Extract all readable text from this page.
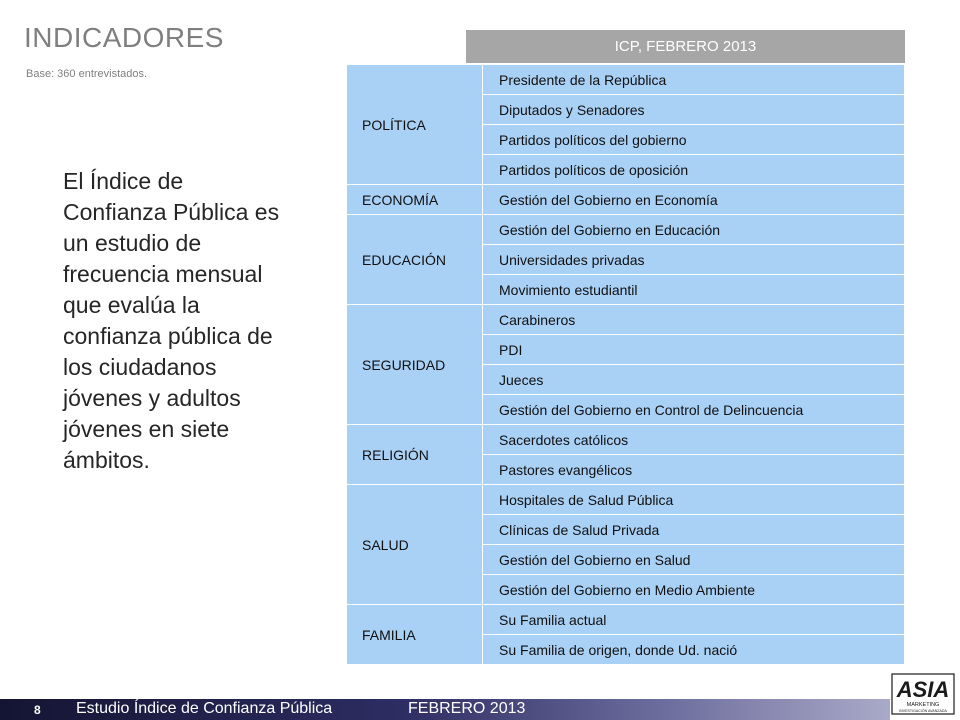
INDICADORES
Base: 360 entrevistados.
El Índice de Confianza Pública es un estudio de frecuencia mensual que evalúa la confianza pública de los ciudadanos jóvenes y adultos jóvenes en siete ámbitos.
ICP, FEBRERO 2013
POLÍTICA	Presidente de la República
	Diputados y Senadores
	Partidos políticos del gobierno
	Partidos políticos de oposición
ECONOMÍA	Gestión del Gobierno en Economía
EDUCACIÓN	Gestión del Gobierno en Educación
	Universidades privadas
	Movimiento estudiantil
SEGURIDAD	Carabineros
	PDI
	Jueces
	Gestión del Gobierno en Control de Delincuencia
RELIGIÓN	Sacerdotes católicos
	Pastores evangélicos
SALUD	Hospitales de Salud Pública
	Clínicas de Salud Privada
	Gestión del Gobierno en Salud
	Gestión del Gobierno en Medio Ambiente
FAMILIA	Su Familia actual
	Su Familia de origen, donde Ud. nació
8 Estudio Índice de Confianza Pública	FEBRERO 2013
ASIA
MARKETING
INVESTIGACIÓN AVANZADA
